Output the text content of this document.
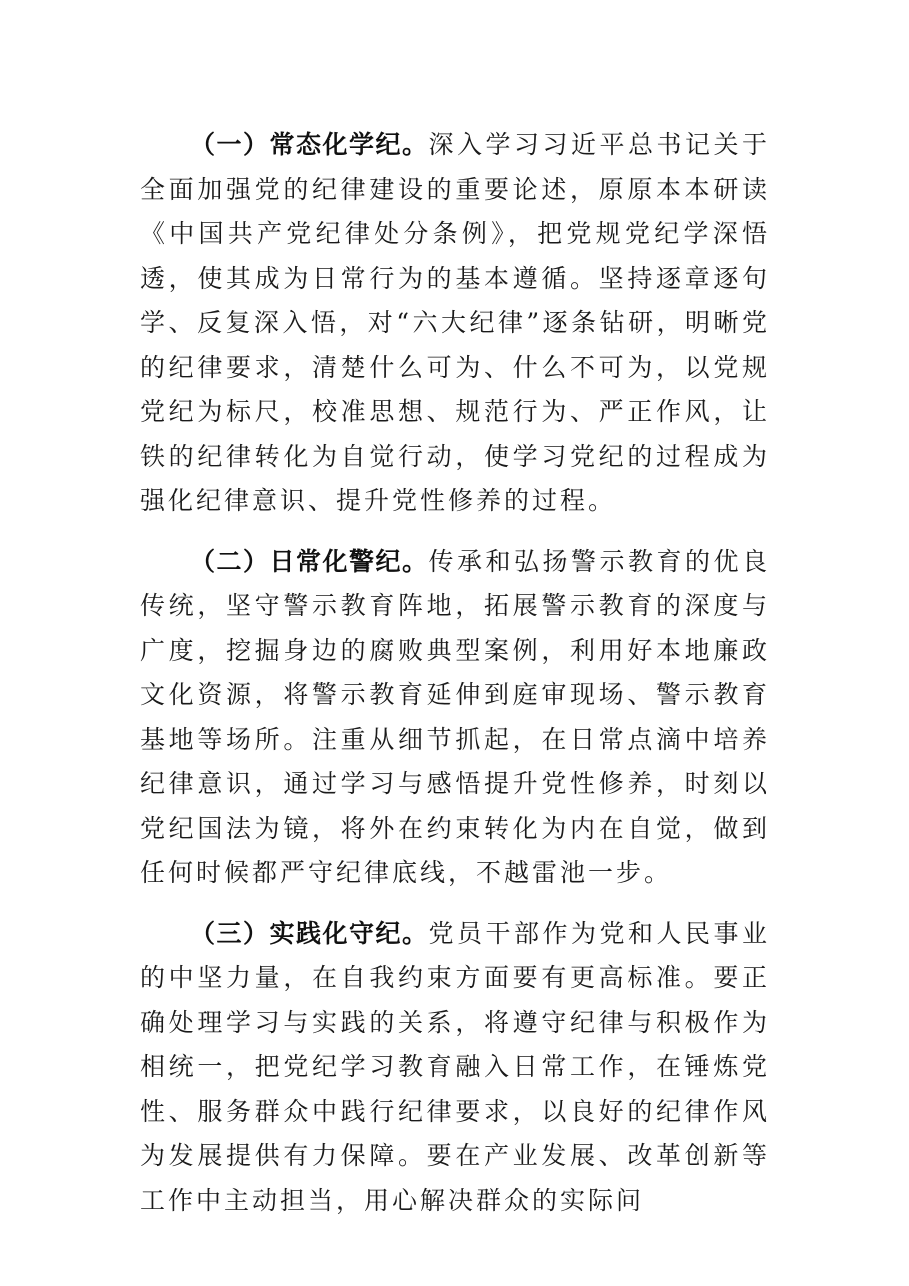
（一）常态化学纪。深入学习习近平总书记关于全面加强党的纪律建设的重要论述，原原本本研读《中国共产党纪律处分条例》，把党规党纪学深悟透，使其成为日常行为的基本遵循。坚持逐章逐句学、反复深入悟，对“六大纪律”逐条钻研，明晰党的纪律要求，清楚什么可为、什么不可为，以党规党纪为标尺，校准思想、规范行为、严正作风，让铁的纪律转化为自觉行动，使学习党纪的过程成为强化纪律意识、提升党性修养的过程。

（二）日常化警纪。传承和弘扬警示教育的优良传统，坚守警示教育阵地，拓展警示教育的深度与广度，挖掘身边的腐败典型案例，利用好本地廉政文化资源，将警示教育延伸到庭审现场、警示教育基地等场所。注重从细节抓起，在日常点滴中培养纪律意识，通过学习与感悟提升党性修养，时刻以党纪国法为镜，将外在约束转化为内在自觉，做到任何时候都严守纪律底线，不越雷池一步。

（三）实践化守纪。党员干部作为党和人民事业的中坚力量，在自我约束方面要有更高标准。要正确处理学习与实践的关系，将遵守纪律与积极作为相统一，把党纪学习教育融入日常工作，在锤炼党性、服务群众中践行纪律要求，以良好的纪律作风为发展提供有力保障。要在产业发展、改革创新等工作中主动担当，用心解决群众的实际问
